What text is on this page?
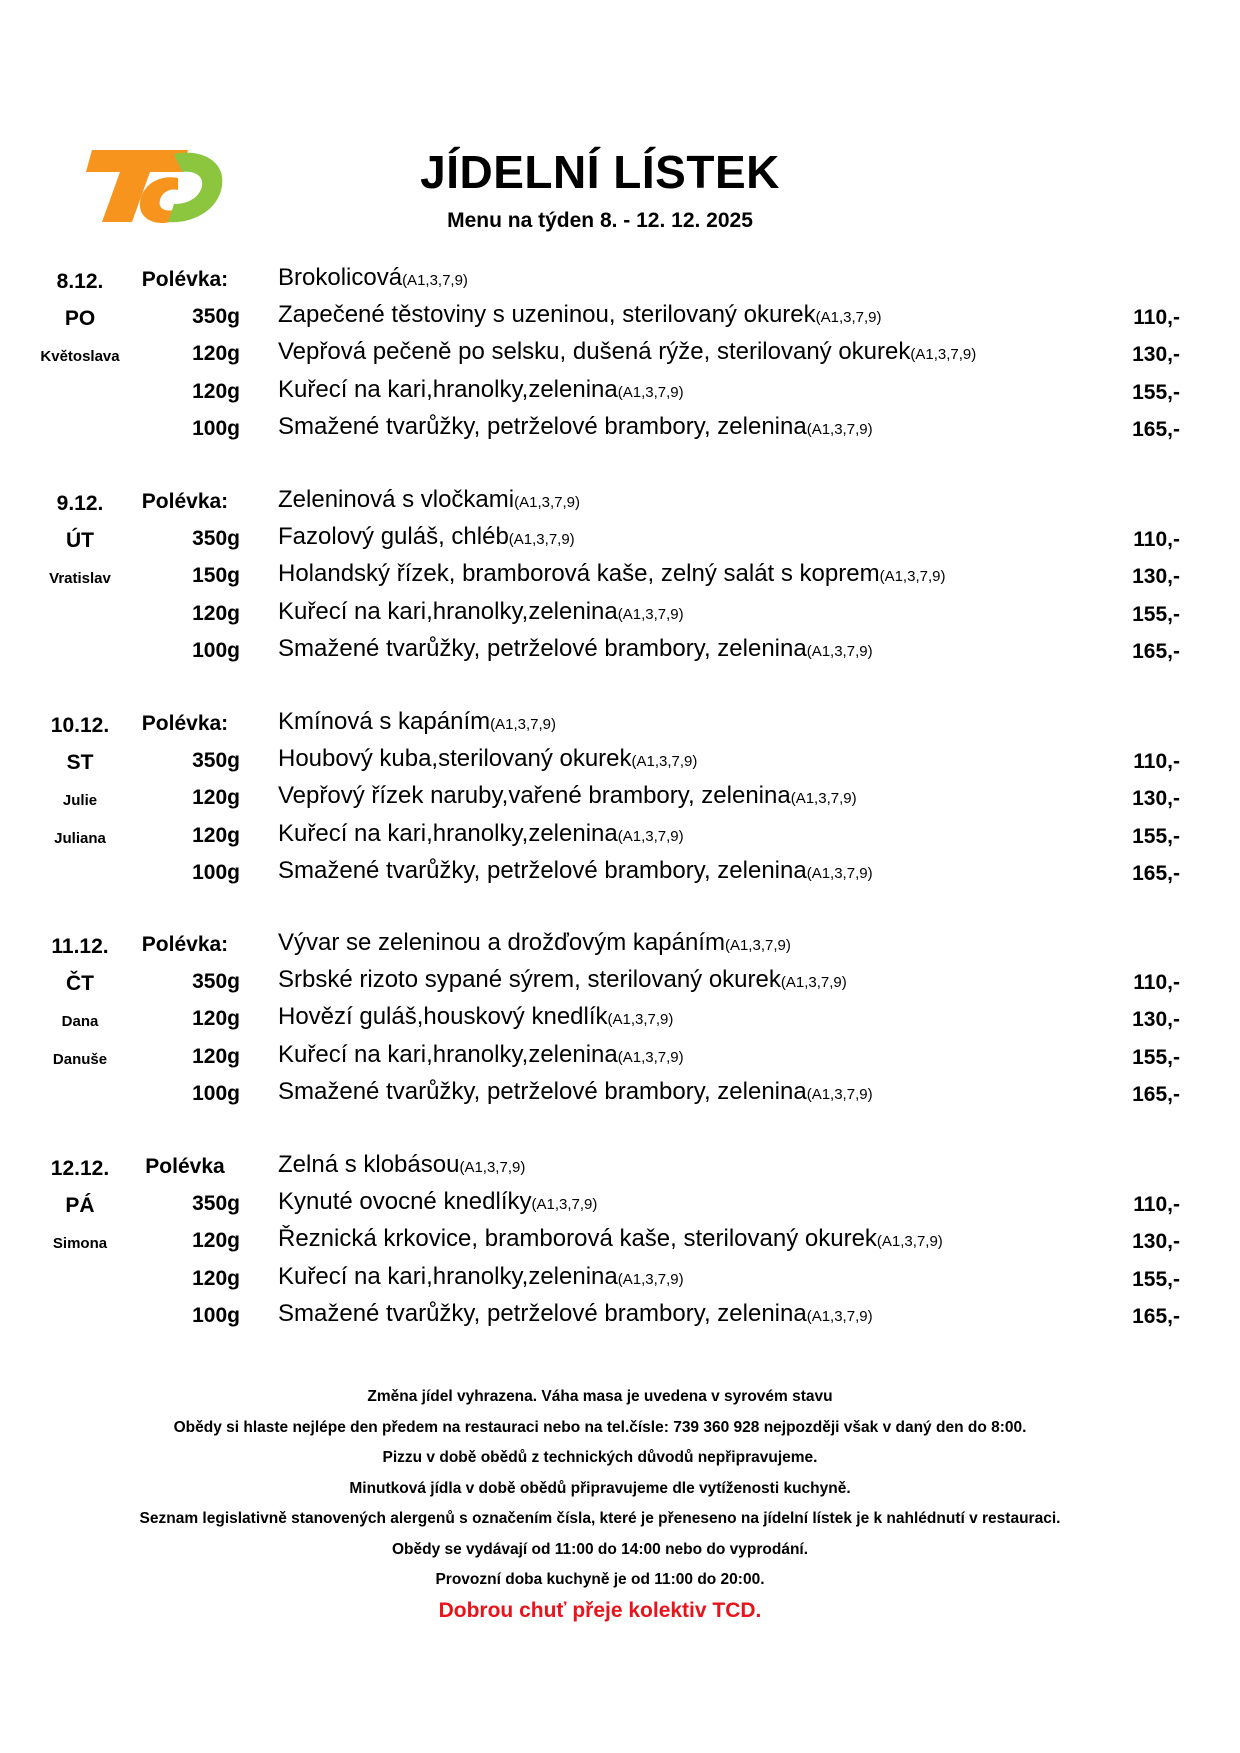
JÍDELNÍ LÍSTEK
Menu na týden 8. - 12. 12. 2025
8.12.	Polévka:	Brokolicová(A1,3,7,9)
PO	350g Zapečené těstoviny s uzeninou, sterilovaný okurek(A1,3,7,9)	110,-
Květoslava	120g Vepřová pečeně po selsku, dušená rýže, sterilovaný okurek(A1,3,7,9)	130,-
120g Kuřecí na kari,hranolky,zelenina(A1,3,7,9)	155,-
100g Smažené tvarůžky, petrželové brambory, zelenina(A1,3,7,9)	165,-
9.12.	Polévka:	Zeleninová s vločkami(A1,3,7,9)
ÚT	350g Fazolový guláš, chléb(A1,3,7,9)	110,-
Vratislav	150g Holandský řízek, bramborová kaše, zelný salát s koprem(A1,3,7,9)	130,-
120g Kuřecí na kari,hranolky,zelenina(A1,3,7,9)	155,-
100g Smažené tvarůžky, petrželové brambory, zelenina(A1,3,7,9)	165,-
10.12.	Polévka:	Kmínová s kapáním(A1,3,7,9)
ST	350g Houbový kuba,sterilovaný okurek(A1,3,7,9)	110,-
Julie	120g Vepřový řízek naruby,vařené brambory, zelenina(A1,3,7,9)	130,-
Juliana	120g Kuřecí na kari,hranolky,zelenina(A1,3,7,9)	155,-
100g Smažené tvarůžky, petrželové brambory, zelenina(A1,3,7,9)	165,-
11.12.	Polévka:	Vývar se zeleninou a drožďovým kapáním(A1,3,7,9)
ČT	350g Srbské rizoto sypané sýrem, sterilovaný okurek(A1,3,7,9)	110,-
Dana	120g Hovězí guláš,houskový knedlík(A1,3,7,9)	130,-
Danuše	120g Kuřecí na kari,hranolky,zelenina(A1,3,7,9)	155,-
100g Smažené tvarůžky, petrželové brambory, zelenina(A1,3,7,9)	165,-
12.12.	Polévka	Zelná s klobásou(A1,3,7,9)
PÁ	350g Kynuté ovocné knedlíky(A1,3,7,9)	110,-
Simona	120g Řeznická krkovice, bramborová kaše, sterilovaný okurek(A1,3,7,9)	130,-
120g Kuřecí na kari,hranolky,zelenina(A1,3,7,9)	155,-
100g Smažené tvarůžky, petrželové brambory, zelenina(A1,3,7,9)	165,-
Změna jídel vyhrazena. Váha masa je uvedena v syrovém stavu
Obědy si hlaste nejlépe den předem na restauraci nebo na tel.čísle: 739 360 928 nejpozději však v daný den do 8:00.
Pizzu v době obědů z technických důvodů nepřipravujeme.
Minutková jídla v době obědů připravujeme dle vytíženosti kuchyně.
Seznam legislativně stanovených alergenů s označením čísla, které je přeneseno na jídelní lístek je k nahlédnutí v restauraci.
Obědy se vydávají od 11:00 do 14:00 nebo do vyprodání.
Provozní doba kuchyně je od 11:00 do 20:00.
Dobrou chuť přeje kolektiv TCD.
